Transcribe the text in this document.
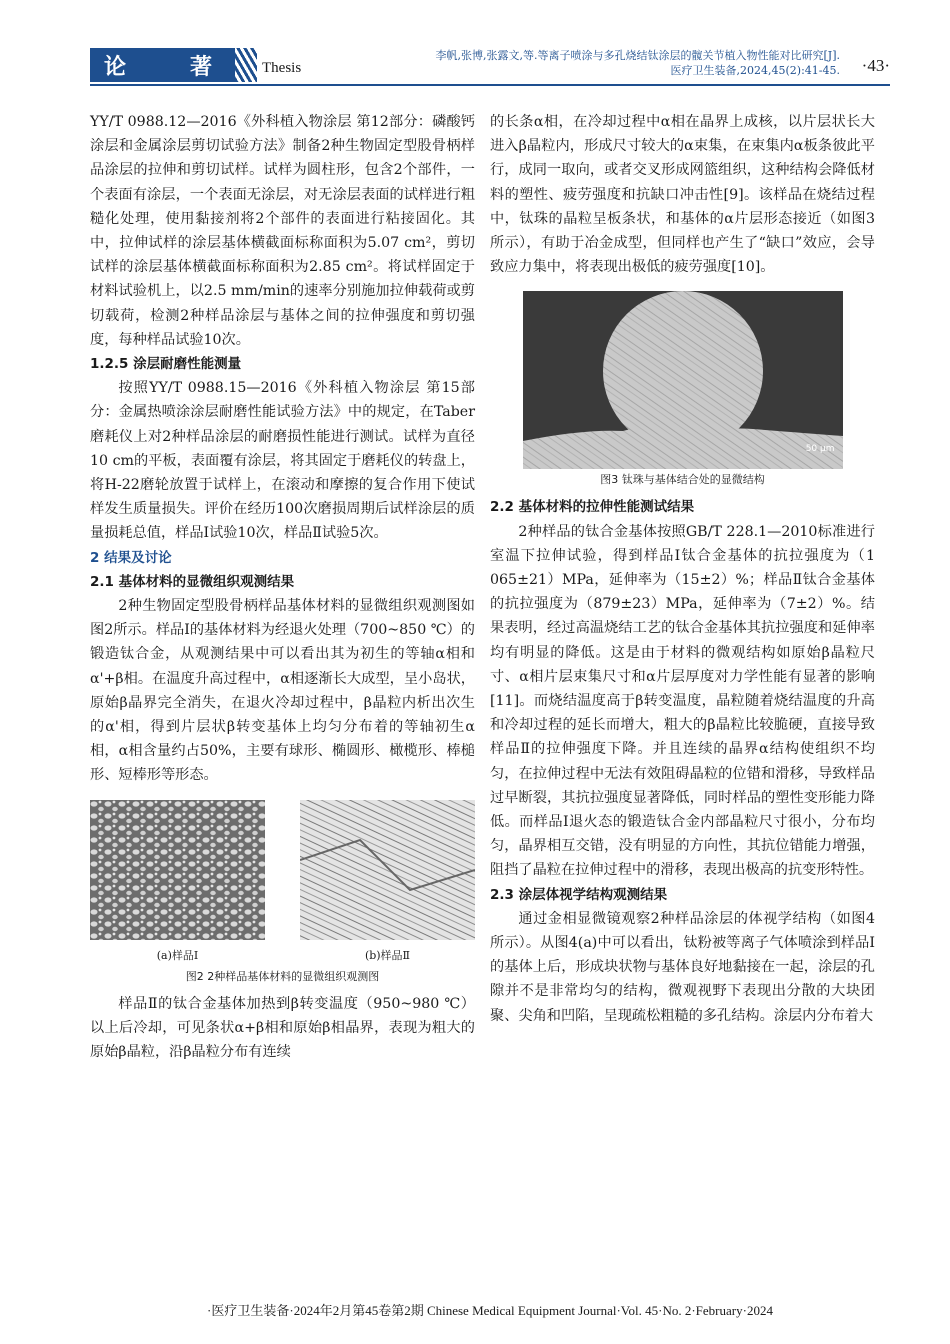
论	著	Thesis
李帆,张博,张露文,等.等离子喷涂与多孔烧结钛涂层的髋关节植入物性能对比研究[J].
医疗卫生装备,2024,45(2):41-45. ·43·

YY/T 0988.12—2016《外科植入物涂层 第12部分：磷酸钙涂层和金属涂层剪切试验方法》制备2种生物固定型股骨柄样品涂层的拉伸和剪切试样。试样为圆柱形，包含2个部件，一个表面有涂层，一个表面无涂层，对无涂层表面的试样进行粗糙化处理，使用黏接剂将2个部件的表面进行粘接固化。其中，拉伸试样的涂层基体横截面标称面积为5.07 cm²，剪切试样的涂层基体横截面标称面积为2.85 cm²。将试样固定于材料试验机上，以2.5 mm/min的速率分别施加拉伸载荷或剪切载荷，检测2种样品涂层与基体之间的拉伸强度和剪切强度，每种样品试验10次。

1.2.5 涂层耐磨性能测量

按照YY/T 0988.15—2016《外科植入物涂层 第15部分：金属热喷涂涂层耐磨性能试验方法》中的规定，在Taber磨耗仪上对2种样品涂层的耐磨损性能进行测试。试样为直径10 cm的平板，表面覆有涂层，将其固定于磨耗仪的转盘上，将H-22磨轮放置于试样上，在滚动和摩擦的复合作用下使试样发生质量损失。评价在经历100次磨损周期后试样涂层的质量损耗总值，样品Ⅰ试验10次，样品Ⅱ试验5次。

2 结果及讨论

2.1 基体材料的显微组织观测结果

2种生物固定型股骨柄样品基体材料的显微组织观测图如图2所示。样品Ⅰ的基体材料为经退火处理（700~850 ℃）的锻造钛合金，从观测结果中可以看出其为初生的等轴α相和α'+β相。在温度升高过程中，α相逐渐长大成型，呈小岛状，原始β晶界完全消失，在退火冷却过程中，β晶粒内析出次生的α'相，得到片层状β转变基体上均匀分布着的等轴初生α相，α相含量约占50%，主要有球形、椭圆形、橄榄形、棒槌形、短棒形等形态。

(a)样品Ⅰ	(b)样品Ⅱ
图2 2种样品基体材料的显微组织观测图

样品Ⅱ的钛合金基体加热到β转变温度（950~980 ℃）以上后冷却，可见条状α+β相和原始β相晶界，表现为粗大的原始β晶粒，沿β晶粒分布有连续

的长条α相，在冷却过程中α相在晶界上成核，以片层状长大进入β晶粒内，形成尺寸较大的α束集，在束集内α板条彼此平行，成同一取向，或者交叉形成网篮组织，这种结构会降低材料的塑性、疲劳强度和抗缺口冲击性[9]。该样品在烧结过程中，钛珠的晶粒呈板条状，和基体的α片层形态接近（如图3所示），有助于冶金成型，但同样也产生了“缺口”效应，会导致应力集中，将表现出极低的疲劳强度[10]。

50 μm
图3 钛珠与基体结合处的显微结构

2.2 基体材料的拉伸性能测试结果

2种样品的钛合金基体按照GB/T 228.1—2010标准进行室温下拉伸试验，得到样品Ⅰ钛合金基体的抗拉强度为（1 065±21）MPa，延伸率为（15±2）%；样品Ⅱ钛合金基体的抗拉强度为（879±23）MPa，延伸率为（7±2）%。结果表明，经过高温烧结工艺的钛合金基体其抗拉强度和延伸率均有明显的降低。这是由于材料的微观结构如原始β晶粒尺寸、α相片层束集尺寸和α片层厚度对力学性能有显著的影响[11]。而烧结温度高于β转变温度，晶粒随着烧结温度的升高和冷却过程的延长而增大，粗大的β晶粒比较脆硬，直接导致样品Ⅱ的拉伸强度下降。并且连续的晶界α结构使组织不均匀，在拉伸过程中无法有效阻碍晶粒的位错和滑移，导致样品过早断裂，其抗拉强度显著降低，同时样品的塑性变形能力降低。而样品Ⅰ退火态的锻造钛合金内部晶粒尺寸很小，分布均匀，晶界相互交错，没有明显的方向性，其抗位错能力增强，阻挡了晶粒在拉伸过程中的滑移，表现出极高的抗变形特性。

2.3 涂层体视学结构观测结果

通过金相显微镜观察2种样品涂层的体视学结构（如图4所示）。从图4(a)中可以看出，钛粉被等离子气体喷涂到样品Ⅰ的基体上后，形成块状物与基体良好地黏接在一起，涂层的孔隙并不是非常均匀的结构，微观视野下表现出分散的大块团聚、尖角和凹陷，呈现疏松粗糙的多孔结构。涂层内分布着大

·医疗卫生装备·2024年2月第45卷第2期 Chinese Medical Equipment Journal·Vol. 45·No. 2·February·2024
